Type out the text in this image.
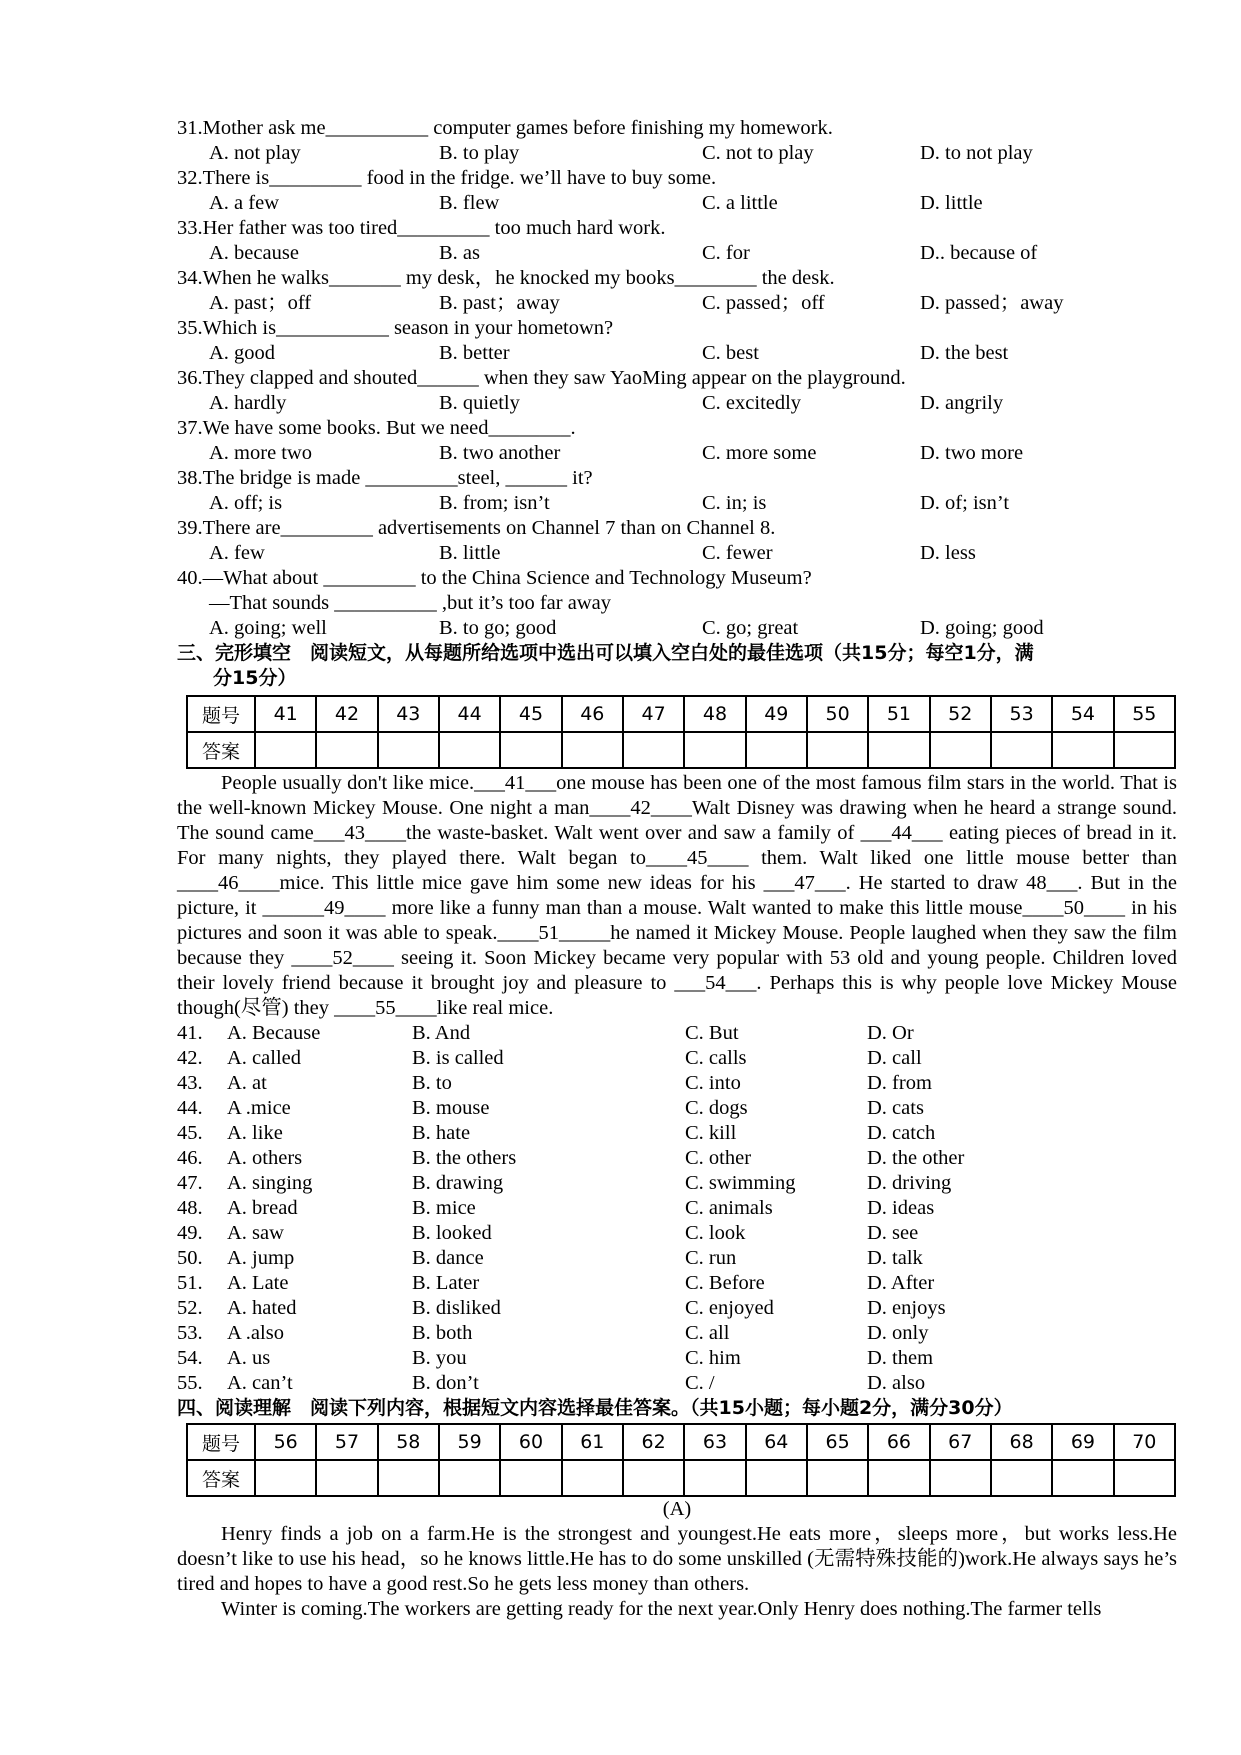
31.Mother ask me__________ computer games before finishing my homework.
A. not play	B. to play	C. not to play	D. to not play
32.There is_________ food in the fridge. we’ll have to buy some.
A. a few	B. flew	C. a little	D. little
33.Her father was too tired_________ too much hard work.
A. because	B. as	C. for	D.. because of
34.When he walks_______ my desk，he knocked my books________ the desk.
A. past；off	B. past；away	C. passed；off	D. passed；away
35.Which is___________ season in your hometown?
A. good	B. better	C. best	D. the best
36.They clapped and shouted______ when they saw YaoMing appear on the playground.
A. hardly	B. quietly	C. excitedly	D. angrily
37.We have some books. But we need________.
A. more two	B. two another	C. more some	D. two more
38.The bridge is made _________steel, ______ it?
A. off; is	B. from; isn’t	C. in; is	D. of; isn’t
39.There are_________ advertisements on Channel 7 than on Channel 8.
A. few	B. little	C. fewer	D. less
40.—What about _________ to the China Science and Technology Museum?
—That sounds __________ ,but it’s too far away
A. going; well	B. to go; good	C. go; great	D. going; good
三、完形填空　阅读短文，从每题所给选项中选出可以填入空白处的最佳选项（共15分；每空1分，满
分15分）
题号	41	42	43	44	45	46	47	48	49	50	51	52	53	54	55
答案															

People usually don't like mice.___41___one mouse has been one of the most famous film stars in the world. That is the well-known Mickey Mouse. One night a man____42____Walt Disney was drawing when he heard a strange sound. The sound came___43____the waste-basket. Walt went over and saw a family of ___44___ eating pieces of bread in it. For many nights, they played there. Walt began to____45____ them. Walt liked one little mouse better than ____46____mice. This little mice gave him some new ideas for his ___47___. He started to draw 48___. But in the picture, it ______49____ more like a funny man than a mouse. Walt wanted to make this little mouse____50____ in his pictures and soon it was able to speak.____51_____he named it Mickey Mouse. People laughed when they saw the film because they ____52____ seeing it. Soon Mickey became very popular with 53 old and young people. Children loved their lovely friend because it brought joy and pleasure to ___54___. Perhaps this is why people love Mickey Mouse though(尽管) they ____55____like real mice.

41. A. Because	B. And	C. But	D. Or
42. A. called	B. is called	C. calls	D. call
43. A. at	B. to	C. into	D. from
44. A .mice	B. mouse	C. dogs	D. cats
45. A. like	B. hate	C. kill	D. catch
46. A. others	B. the others	C. other	D. the other
47. A. singing	B. drawing	C. swimming	D. driving
48. A. bread	B. mice	C. animals	D. ideas
49. A. saw	B. looked	C. look	D. see
50. A. jump	B. dance	C. run	D. talk
51. A. Late	B. Later	C. Before	D. After
52. A. hated	B. disliked	C. enjoyed	D. enjoys
53. A .also	B. both	C. all	D. only
54. A. us	B. you	C. him	D. them
55. A. can’t	B. don’t	C. /	D. also
四、阅读理解　阅读下列内容，根据短文内容选择最佳答案。（共15小题；每小题2分，满分30分）
题号	56	57	58	59	60	61	62	63	64	65	66	67	68	69	70
答案															
(A)

Henry finds a job on a farm.He is the strongest and youngest.He eats more，sleeps more，but works less.He doesn’t like to use his head，so he knows little.He has to do some unskilled (无需特殊技能的)work.He always says he’s tired and hopes to have a good rest.So he gets less money than others.

Winter is coming.The workers are getting ready for the next year.Only Henry does nothing.The farmer tells
